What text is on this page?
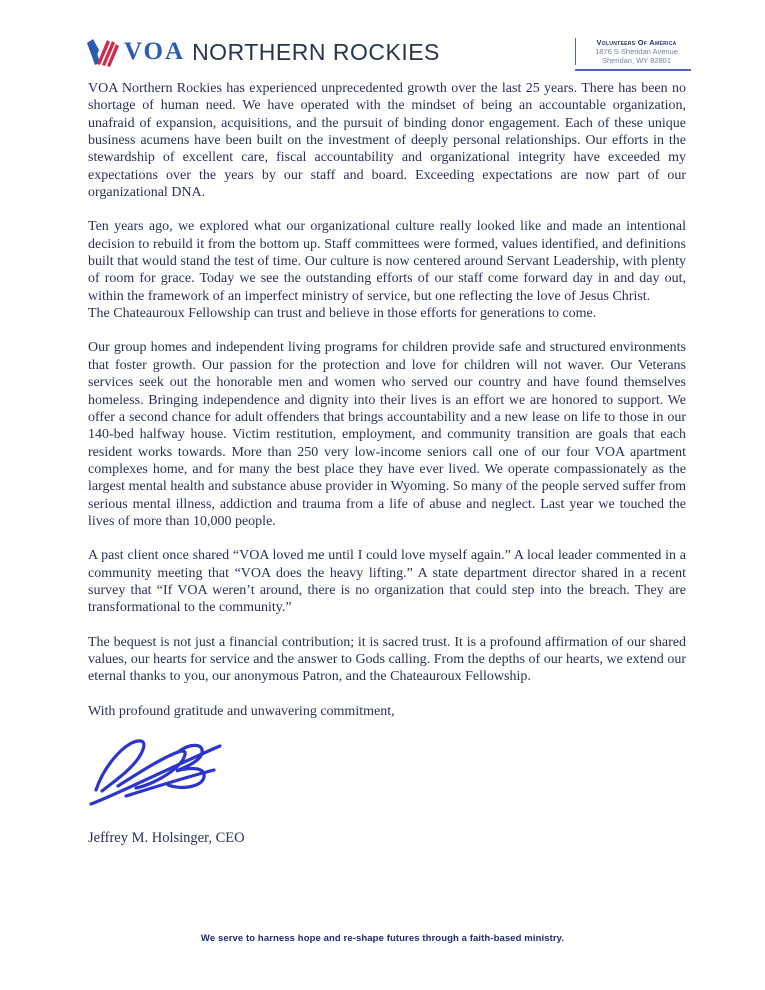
VOA NORTHERN ROCKIES	Volunteers Of America
1876 S Sheridan Avenue
Sheridan, WY 82801

VOA Northern Rockies has experienced unprecedented growth over the last 25 years. There has been no shortage of human need. We have operated with the mindset of being an accountable organization, unafraid of expansion, acquisitions, and the pursuit of binding donor engagement. Each of these unique business acumens have been built on the investment of deeply personal relationships. Our efforts in the stewardship of excellent care, fiscal accountability and organizational integrity have exceeded my expectations over the years by our staff and board. Exceeding expectations are now part of our organizational DNA.

Ten years ago, we explored what our organizational culture really looked like and made an intentional decision to rebuild it from the bottom up. Staff committees were formed, values identified, and definitions built that would stand the test of time. Our culture is now centered around Servant Leadership, with plenty of room for grace. Today we see the outstanding efforts of our staff come forward day in and day out, within the framework of an imperfect ministry of service, but one reflecting the love of Jesus Christ.
The Chateauroux Fellowship can trust and believe in those efforts for generations to come.

Our group homes and independent living programs for children provide safe and structured environments that foster growth. Our passion for the protection and love for children will not waver. Our Veterans services seek out the honorable men and women who served our country and have found themselves homeless. Bringing independence and dignity into their lives is an effort we are honored to support. We offer a second chance for adult offenders that brings accountability and a new lease on life to those in our 140-bed halfway house. Victim restitution, employment, and community transition are goals that each resident works towards. More than 250 very low-income seniors call one of our four VOA apartment complexes home, and for many the best place they have ever lived. We operate compassionately as the largest mental health and substance abuse provider in Wyoming. So many of the people served suffer from serious mental illness, addiction and trauma from a life of abuse and neglect. Last year we touched the lives of more than 10,000 people.

A past client once shared “VOA loved me until I could love myself again.” A local leader commented in a community meeting that “VOA does the heavy lifting.” A state department director shared in a recent survey that “If VOA weren’t around, there is no organization that could step into the breach. They are transformational to the community.”

The bequest is not just a financial contribution; it is sacred trust. It is a profound affirmation of our shared values, our hearts for service and the answer to Gods calling. From the depths of our hearts, we extend our eternal thanks to you, our anonymous Patron, and the Chateauroux Fellowship.

With profound gratitude and unwavering commitment,

Jeffrey M. Holsinger, CEO
We serve to harness hope and re-shape futures through a faith-based ministry.
